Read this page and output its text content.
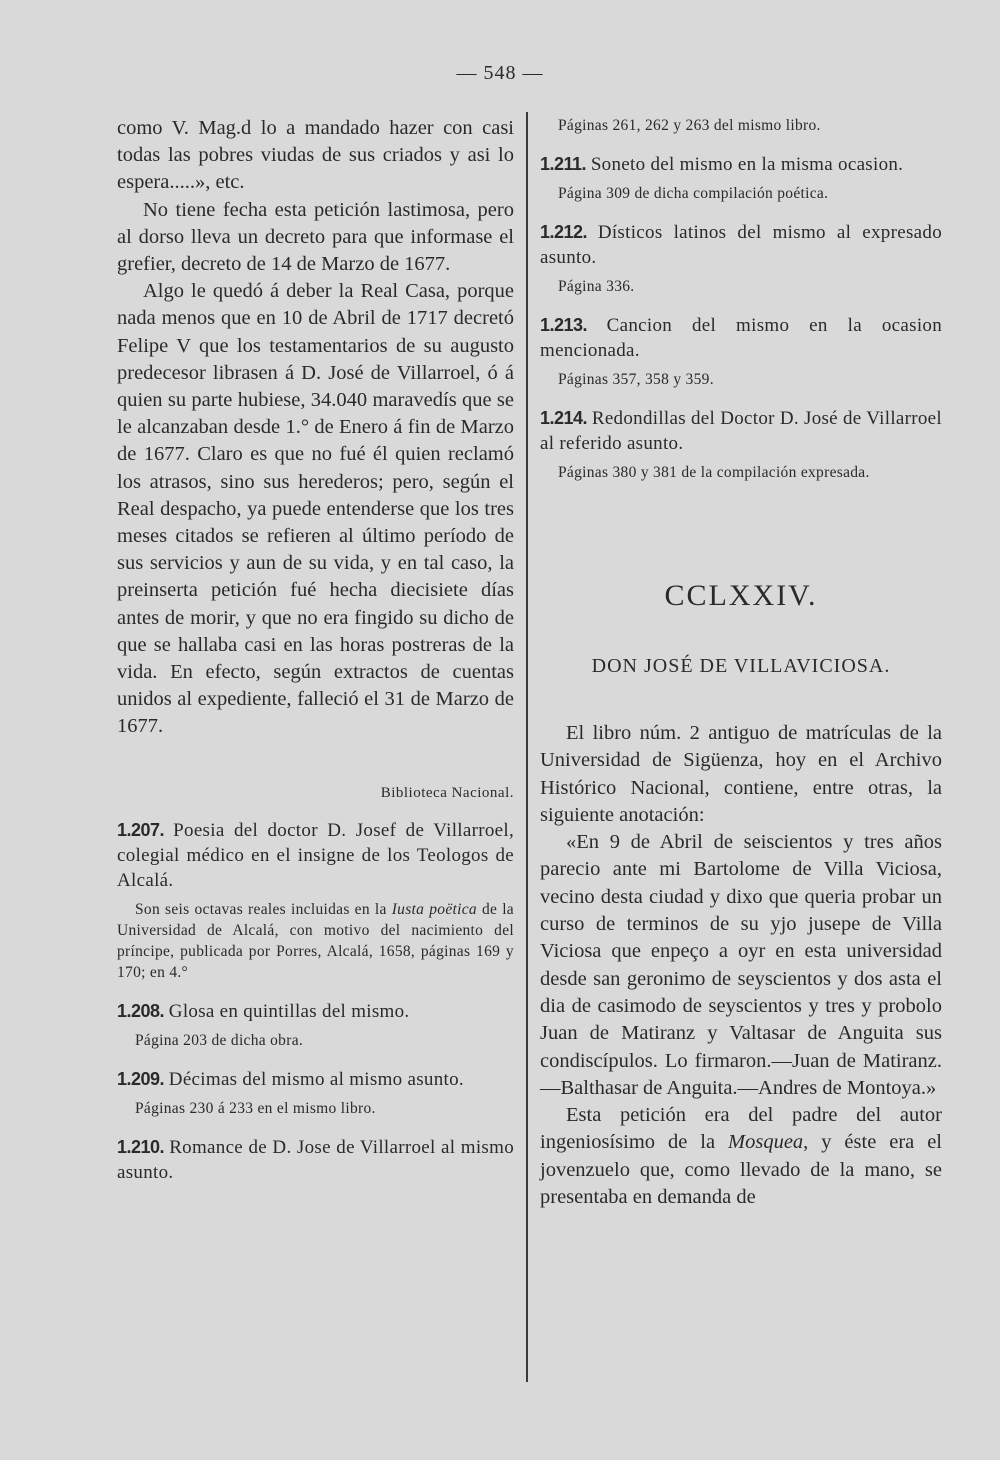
— 548 —

como V. Mag.d lo a mandado hazer con casi todas las pobres viudas de sus criados y asi lo espera.....», etc.

No tiene fecha esta petición lastimosa, pero al dorso lleva un decreto para que informase el grefier, decreto de 14 de Marzo de 1677.

Algo le quedó á deber la Real Casa, porque nada menos que en 10 de Abril de 1717 decretó Felipe V que los testamentarios de su augusto predecesor librasen á D. José de Villarroel, ó á quien su parte hubiese, 34.040 maravedís que se le alcanzaban desde 1.° de Enero á fin de Marzo de 1677. Claro es que no fué él quien reclamó los atrasos, sino sus herederos; pero, según el Real despacho, ya puede entenderse que los tres meses citados se refieren al último período de sus servicios y aun de su vida, y en tal caso, la preinserta petición fué hecha diecisiete días antes de morir, y que no era fingido su dicho de que se hallaba casi en las horas postreras de la vida. En efecto, según extractos de cuentas unidos al expediente, falleció el 31 de Marzo de 1677.

Biblioteca Nacional.
1.207. Poesia del doctor D. Josef de Villarroel, colegial médico en el insigne de los Teologos de Alcalá.

Son seis octavas reales incluidas en la Iusta poëtica de la Universidad de Alcalá, con motivo del nacimiento del príncipe, publicada por Porres, Alcalá, 1658, páginas 169 y 170; en 4.°

1.208. Glosa en quintillas del mismo.

Página 203 de dicha obra.

1.209. Décimas del mismo al mismo asunto.

Páginas 230 á 233 en el mismo libro.

1.210. Romance de D. Jose de Villarroel al mismo asunto.

Páginas 261, 262 y 263 del mismo libro.

1.211. Soneto del mismo en la misma ocasion.

Página 309 de dicha compilación poética.

1.212. Dísticos latinos del mismo al expresado asunto.

Página 336.

1.213. Cancion del mismo en la ocasion mencionada.

Páginas 357, 358 y 359.

1.214. Redondillas del Doctor D. José de Villarroel al referido asunto.

Páginas 380 y 381 de la compilación expresada.

CCLXXIV.
DON JOSÉ DE VILLAVICIOSA.

El libro núm. 2 antiguo de matrículas de la Universidad de Sigüenza, hoy en el Archivo Histórico Nacional, contiene, entre otras, la siguiente anotación:

«En 9 de Abril de seiscientos y tres años parecio ante mi Bartolome de Villa Viciosa, vecino desta ciudad y dixo que queria probar un curso de terminos de su yjo jusepe de Villa Viciosa que enpeço a oyr en esta universidad desde san geronimo de seyscientos y dos asta el dia de casimodo de seyscientos y tres y probolo Juan de Matiranz y Valtasar de Anguita sus condiscípulos. Lo firmaron.—Juan de Matiranz.—Balthasar de Anguita.—Andres de Montoya.»

Esta petición era del padre del autor ingeniosísimo de la Mosquea, y éste era el jovenzuelo que, como llevado de la mano, se presentaba en demanda de
